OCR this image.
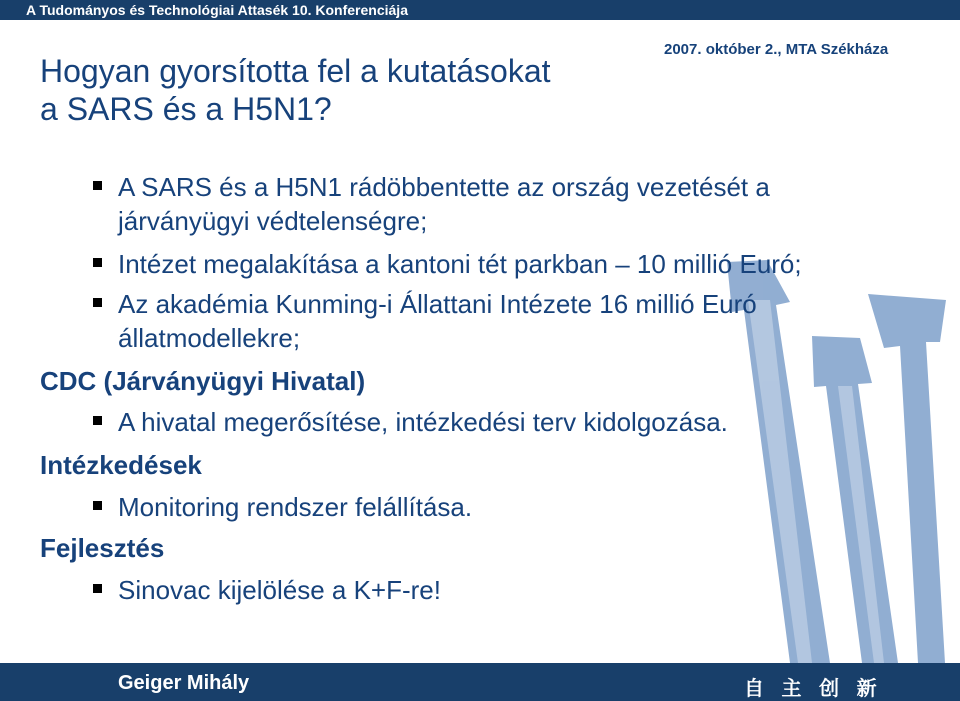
A Tudományos és Technológiai Attasék 10. Konferenciája
2007. október 2., MTA Székháza
Hogyan gyorsította fel a kutatásokat
a SARS és a H5N1?
A SARS és a H5N1 rádöbbentette az ország vezetését a
járványügyi védtelenségre;
Intézet megalakítása a kantoni tét parkban – 10 millió Euró;
Az akadémia Kunming-i Állattani Intézete 16 millió Euró
állatmodellekre;
CDC (Járványügyi Hivatal)
A hivatal megerősítése, intézkedési terv kidolgozása.
Intézkedések
Monitoring rendszer felállítása.
Fejlesztés
Sinovac kijelölése a K+F-re!
Geiger Mihály	自 主 创 新
